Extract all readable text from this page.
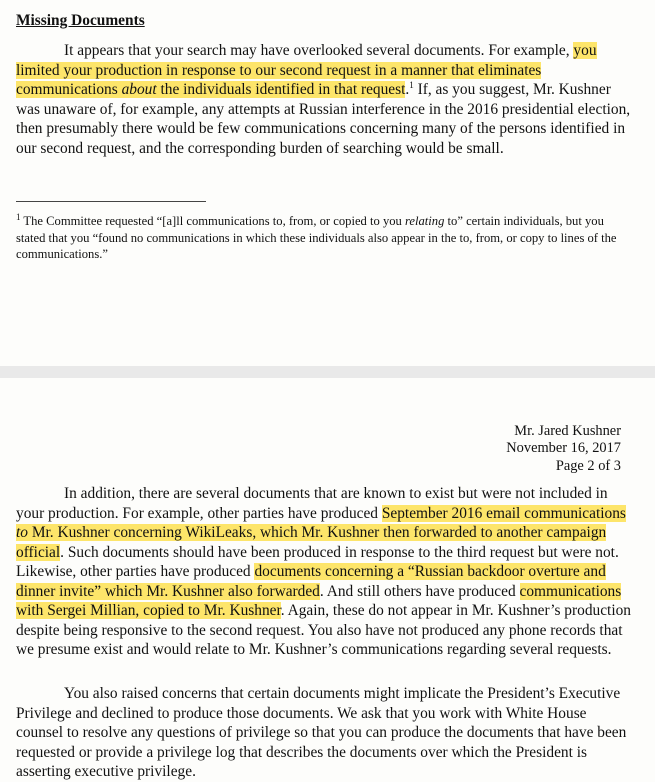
Missing Documents

It appears that your search may have overlooked several documents. For example, you
limited your production in response to our second request in a manner that eliminates
communications about the individuals identified in that request.$^1$ If, as you suggest, Mr. Kushner was unaware of, for example, any attempts at Russian interference in the 2016 presidential election, then presumably there would be few communications concerning many of the persons identified in our second request, and the corresponding burden of searching would be small.

$^1$ The Committee requested “[a]ll communications to, from, or copied to you relating to” certain individuals, but you stated that you “found no communications in which these individuals also appear in the to, from, or copy to lines of the communications.”

Mr. Jared Kushner
November 16, 2017
Page 2 of 3

In addition, there are several documents that are known to exist but were not included in your production. For example, other parties have produced September 2016 email communications to Mr. Kushner concerning WikiLeaks, which Mr. Kushner then forwarded to another campaign official. Such documents should have been produced in response to the third request but were not. Likewise, other parties have produced documents concerning a “Russian backdoor overture and dinner invite” which Mr. Kushner also forwarded. And still others have produced communications with Sergei Millian, copied to Mr. Kushner. Again, these do not appear in Mr. Kushner’s production despite being responsive to the second request. You also have not produced any phone records that we presume exist and would relate to Mr. Kushner’s communications regarding several requests.

You also raised concerns that certain documents might implicate the President’s Executive Privilege and declined to produce those documents. We ask that you work with White House counsel to resolve any questions of privilege so that you can produce the documents that have been requested or provide a privilege log that describes the documents over which the President is asserting executive privilege.
